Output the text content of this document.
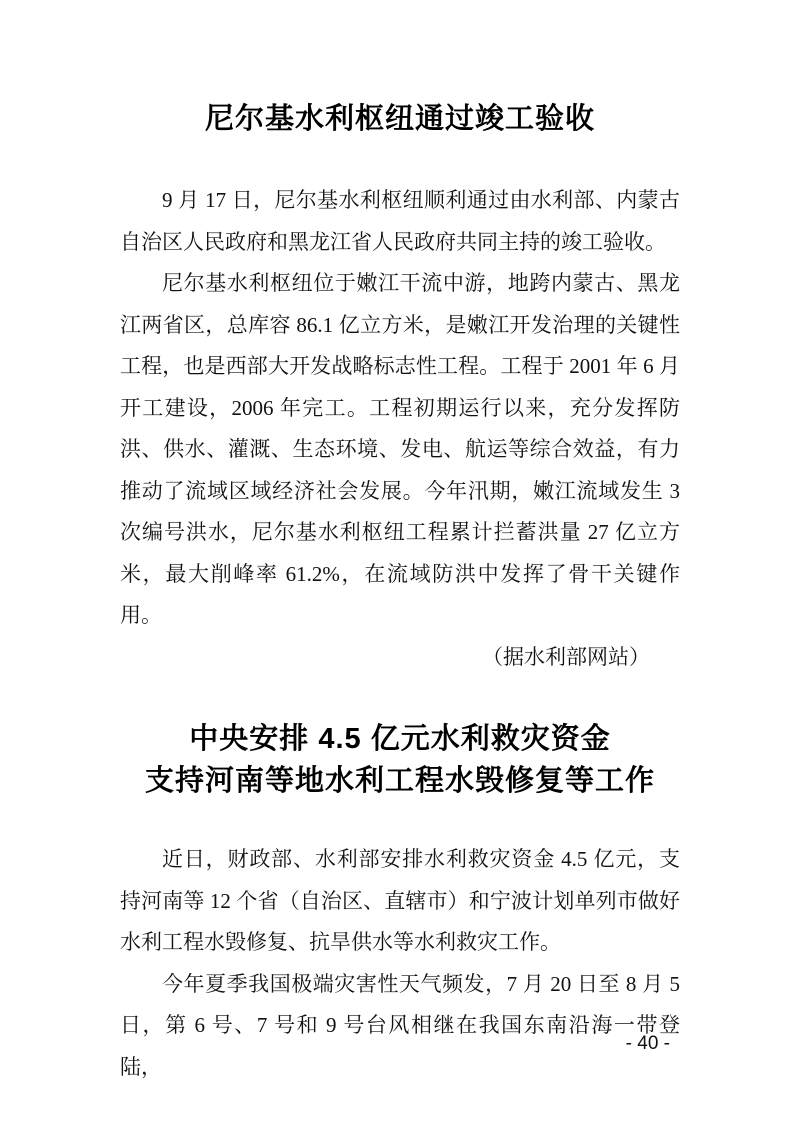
尼尔基水利枢纽通过竣工验收

9 月 17 日，尼尔基水利枢纽顺利通过由水利部、内蒙古自治区人民政府和黑龙江省人民政府共同主持的竣工验收。

尼尔基水利枢纽位于嫩江干流中游，地跨内蒙古、黑龙江两省区，总库容 86.1 亿立方米，是嫩江开发治理的关键性工程，也是西部大开发战略标志性工程。工程于 2001 年 6 月开工建设，2006 年完工。工程初期运行以来，充分发挥防洪、供水、灌溉、生态环境、发电、航运等综合效益，有力推动了流域区域经济社会发展。今年汛期，嫩江流域发生 3 次编号洪水，尼尔基水利枢纽工程累计拦蓄洪量 27 亿立方米，最大削峰率 61.2%，在流域防洪中发挥了骨干关键作用。

（据水利部网站）

中央安排 4.5 亿元水利救灾资金
支持河南等地水利工程水毁修复等工作

近日，财政部、水利部安排水利救灾资金 4.5 亿元，支持河南等 12 个省（自治区、直辖市）和宁波计划单列市做好水利工程水毁修复、抗旱供水等水利救灾工作。

今年夏季我国极端灾害性天气频发，7 月 20 日至 8 月 5 日，第 6 号、7 号和 9 号台风相继在我国东南沿海一带登陆，

- 40 -
